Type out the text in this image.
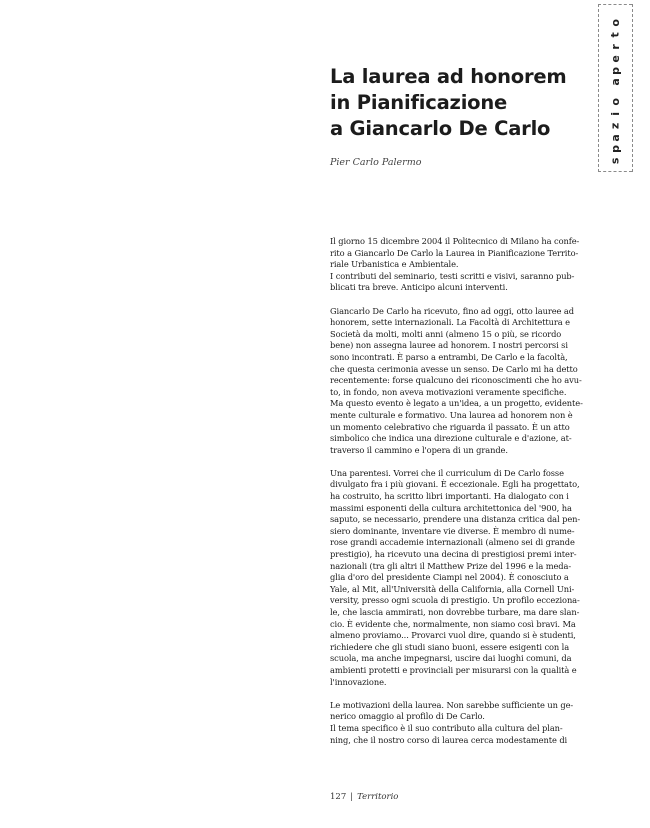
s
p
a
z
i
o
a
p
e
r
t
o
La laurea ad honorem
in Pianificazione
a Giancarlo De Carlo
Pier Carlo Palermo
Il giorno 15 dicembre 2004 il Politecnico di Milano ha confe-
rito a Giancarlo De Carlo la Laurea in Pianificazione Territo-
riale Urbanistica e Ambientale.
I contributi del seminario, testi scritti e visivi, saranno pub-
blicati tra breve. Anticipo alcuni interventi.
Giancarlo De Carlo ha ricevuto, fino ad oggi, otto lauree ad
honorem, sette internazionali. La Facoltà di Architettura e
Società da molti, molti anni (almeno 15 o più, se ricordo
bene) non assegna lauree ad honorem. I nostri percorsi si
sono incontrati. È parso a entrambi, De Carlo e la facoltà,
che questa cerimonia avesse un senso. De Carlo mi ha detto
recentemente: forse qualcuno dei riconoscimenti che ho avu-
to, in fondo, non aveva motivazioni veramente specifiche.
Ma questo evento è legato a un'idea, a un progetto, evidente-
mente culturale e formativo. Una laurea ad honorem non è
un momento celebrativo che riguarda il passato. È un atto
simbolico che indica una direzione culturale e d'azione, at-
traverso il cammino e l'opera di un grande.
Una parentesi. Vorrei che il curriculum di De Carlo fosse
divulgato fra i più giovani. È eccezionale. Egli ha progettato,
ha costruito, ha scritto libri importanti. Ha dialogato con i
massimi esponenti della cultura architettonica del '900, ha
saputo, se necessario, prendere una distanza critica dal pen-
siero dominante, inventare vie diverse. È membro di nume-
rose grandi accademie internazionali (almeno sei di grande
prestigio), ha ricevuto una decina di prestigiosi premi inter-
nazionali (tra gli altri il Matthew Prize del 1996 e la meda-
glia d'oro del presidente Ciampi nel 2004). È conosciuto a
Yale, al Mit, all'Università della California, alla Cornell Uni-
versity, presso ogni scuola di prestigio. Un profilo ecceziona-
le, che lascia ammirati, non dovrebbe turbare, ma dare slan-
cio. È evidente che, normalmente, non siamo così bravi. Ma
almeno proviamo... Provarci vuol dire, quando si è studenti,
richiedere che gli studi siano buoni, essere esigenti con la
scuola, ma anche impegnarsi, uscire dai luoghi comuni, da
ambienti protetti e provinciali per misurarsi con la qualità e
l'innovazione.
Le motivazioni della laurea. Non sarebbe sufficiente un ge-
nerico omaggio al profilo di De Carlo.
Il tema specifico è il suo contributo alla cultura del plan-
ning, che il nostro corso di laurea cerca modestamente di
127 | Territorio
